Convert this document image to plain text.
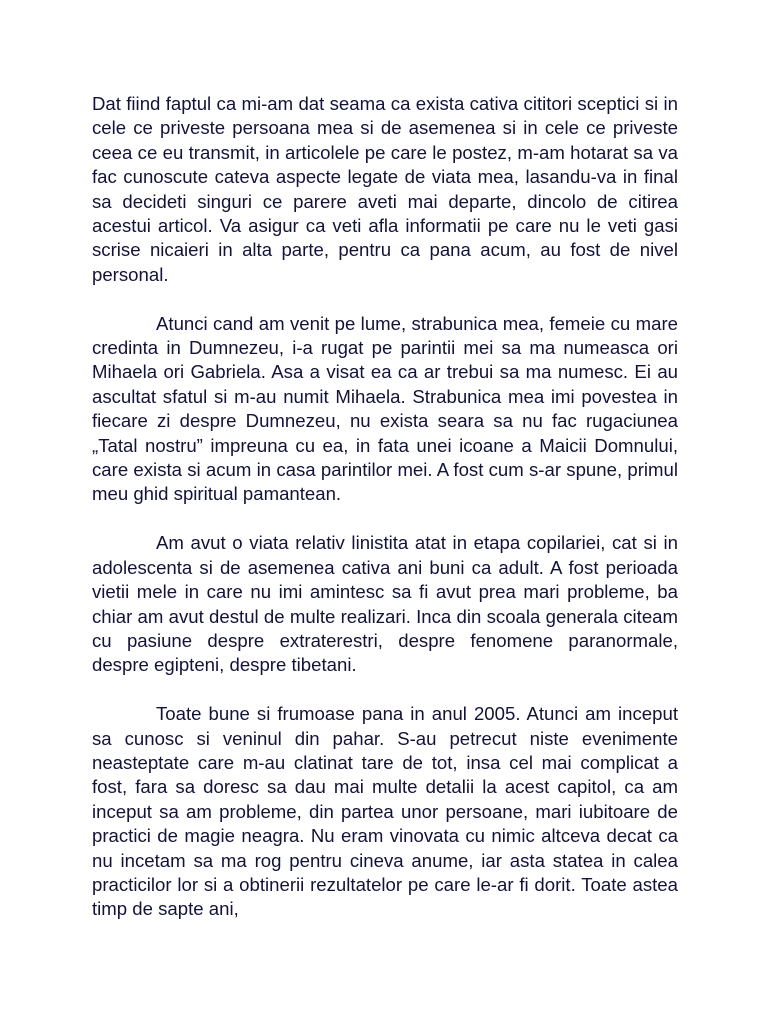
Dat fiind faptul ca mi-am dat seama ca exista cativa cititori sceptici si in cele ce priveste persoana mea si de asemenea si in cele ce priveste ceea ce eu transmit, in articolele pe care le postez, m-am hotarat sa va fac cunoscute cateva aspecte legate de viata mea, lasandu-va in final sa decideti singuri ce parere aveti mai departe, dincolo de citirea acestui articol. Va asigur ca veti afla informatii pe care nu le veti gasi scrise nicaieri in alta parte, pentru ca pana acum, au fost de nivel personal.

Atunci cand am venit pe lume, strabunica mea, femeie cu mare credinta in Dumnezeu, i-a rugat pe parintii mei sa ma numeasca ori Mihaela ori Gabriela. Asa a visat ea ca ar trebui sa ma numesc. Ei au ascultat sfatul si m-au numit Mihaela. Strabunica mea imi povestea in fiecare zi despre Dumnezeu, nu exista seara sa nu fac rugaciunea „Tatal nostru” impreuna cu ea, in fata unei icoane a Maicii Domnului, care exista si acum in casa parintilor mei. A fost cum s-ar spune, primul meu ghid spiritual pamantean.

Am avut o viata relativ linistita atat in etapa copilariei, cat si in adolescenta si de asemenea cativa ani buni ca adult. A fost perioada vietii mele in care nu imi amintesc sa fi avut prea mari probleme, ba chiar am avut destul de multe realizari. Inca din scoala generala citeam cu pasiune despre extraterestri, despre fenomene paranormale, despre egipteni, despre tibetani.

Toate bune si frumoase pana in anul 2005. Atunci am inceput sa cunosc si veninul din pahar. S-au petrecut niste evenimente neasteptate care m-au clatinat tare de tot, insa cel mai complicat a fost, fara sa doresc sa dau mai multe detalii la acest capitol, ca am inceput sa am probleme, din partea unor persoane, mari iubitoare de practici de magie neagra. Nu eram vinovata cu nimic altceva decat ca nu incetam sa ma rog pentru cineva anume, iar asta statea in calea practicilor lor si a obtinerii rezultatelor pe care le-ar fi dorit. Toate astea timp de sapte ani,
